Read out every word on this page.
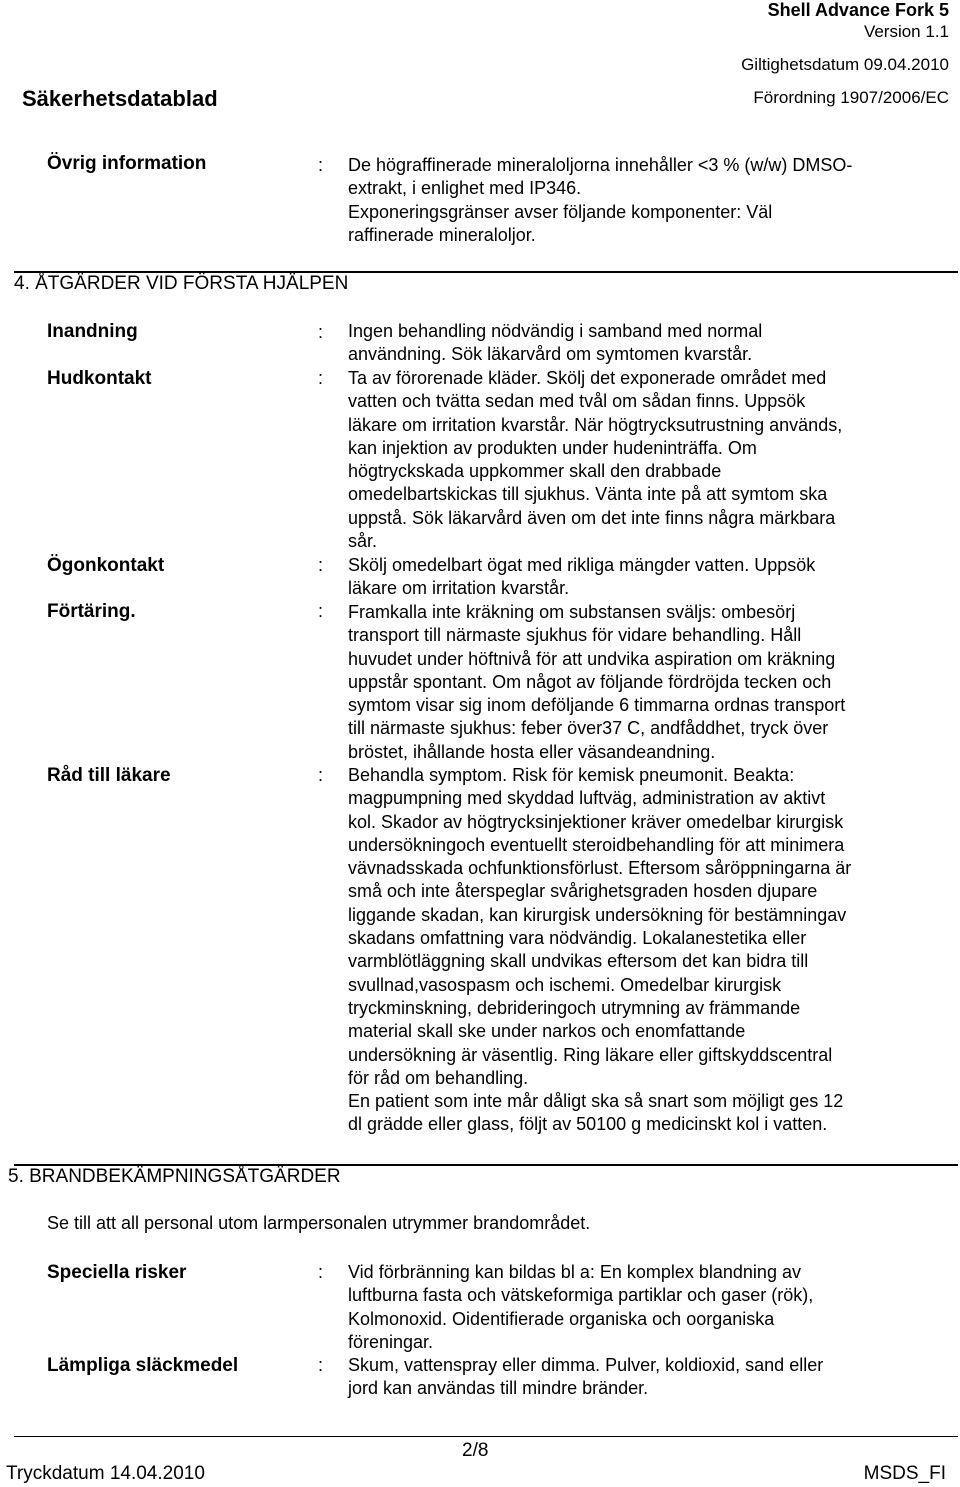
Shell Advance Fork 5
Version 1.1
Giltighetsdatum 09.04.2010
Säkerhetsdatablad	Förordning 1907/2006/EC
Övrig information	: De högraffinerade mineraloljorna innehåller <3 % (w/w) DMSO-
extrakt, i enlighet med IP346.
Exponeringsgränser avser följande komponenter: Väl
raffinerade mineraloljor.
4. ÅTGÄRDER VID FÖRSTA HJÄLPEN
Inandning	: Ingen behandling nödvändig i samband med normal
användning. Sök läkarvård om symtomen kvarstår.
Hudkontakt	: Ta av förorenade kläder. Skölj det exponerade området med
vatten och tvätta sedan med tvål om sådan finns. Uppsök
läkare om irritation kvarstår. När högtrycksutrustning används,
kan injektion av produkten under hudeninträffa. Om
högtryckskada uppkommer skall den drabbade
omedelbartskickas till sjukhus. Vänta inte på att symtom ska
uppstå. Sök läkarvård även om det inte finns några märkbara
sår.
Ögonkontakt	: Skölj omedelbart ögat med rikliga mängder vatten. Uppsök
läkare om irritation kvarstår.
Förtäring.	: Framkalla inte kräkning om substansen sväljs: ombesörj
transport till närmaste sjukhus för vidare behandling. Håll
huvudet under höftnivå för att undvika aspiration om kräkning
uppstår spontant. Om något av följande fördröjda tecken och
symtom visar sig inom deföljande 6 timmarna ordnas transport
till närmaste sjukhus: feber över37 C, andfåddhet, tryck över
bröstet, ihållande hosta eller väsandeandning.
Råd till läkare	: Behandla symptom. Risk för kemisk pneumonit. Beakta:
magpumpning med skyddad luftväg, administration av aktivt
kol. Skador av högtrycksinjektioner kräver omedelbar kirurgisk
undersökningoch eventuellt steroidbehandling för att minimera
vävnadsskada ochfunktionsförlust. Eftersom såröppningarna är
små och inte återspeglar svårighetsgraden hosden djupare
liggande skadan, kan kirurgisk undersökning för bestämningav
skadans omfattning vara nödvändig. Lokalanestetika eller
varmblötläggning skall undvikas eftersom det kan bidra till
svullnad,vasospasm och ischemi. Omedelbar kirurgisk
tryckminskning, debrideringoch utrymning av främmande
material skall ske under narkos och enomfattande
undersökning är väsentlig. Ring läkare eller giftskyddscentral
för råd om behandling.
En patient som inte mår dåligt ska så snart som möjligt ges 12
dl grädde eller glass, följt av 50100 g medicinskt kol i vatten.
5. BRANDBEKÄMPNINGSÅTGÄRDER
Se till att all personal utom larmpersonalen utrymmer brandområdet.
Speciella risker	: Vid förbränning kan bildas bl a: En komplex blandning av
luftburna fasta och vätskeformiga partiklar och gaser (rök),
Kolmonoxid. Oidentifierade organiska och oorganiska
föreningar.
Lämpliga släckmedel	: Skum, vattenspray eller dimma. Pulver, koldioxid, sand eller
jord kan användas till mindre bränder.
2/8
Tryckdatum 14.04.2010	MSDS_FI
